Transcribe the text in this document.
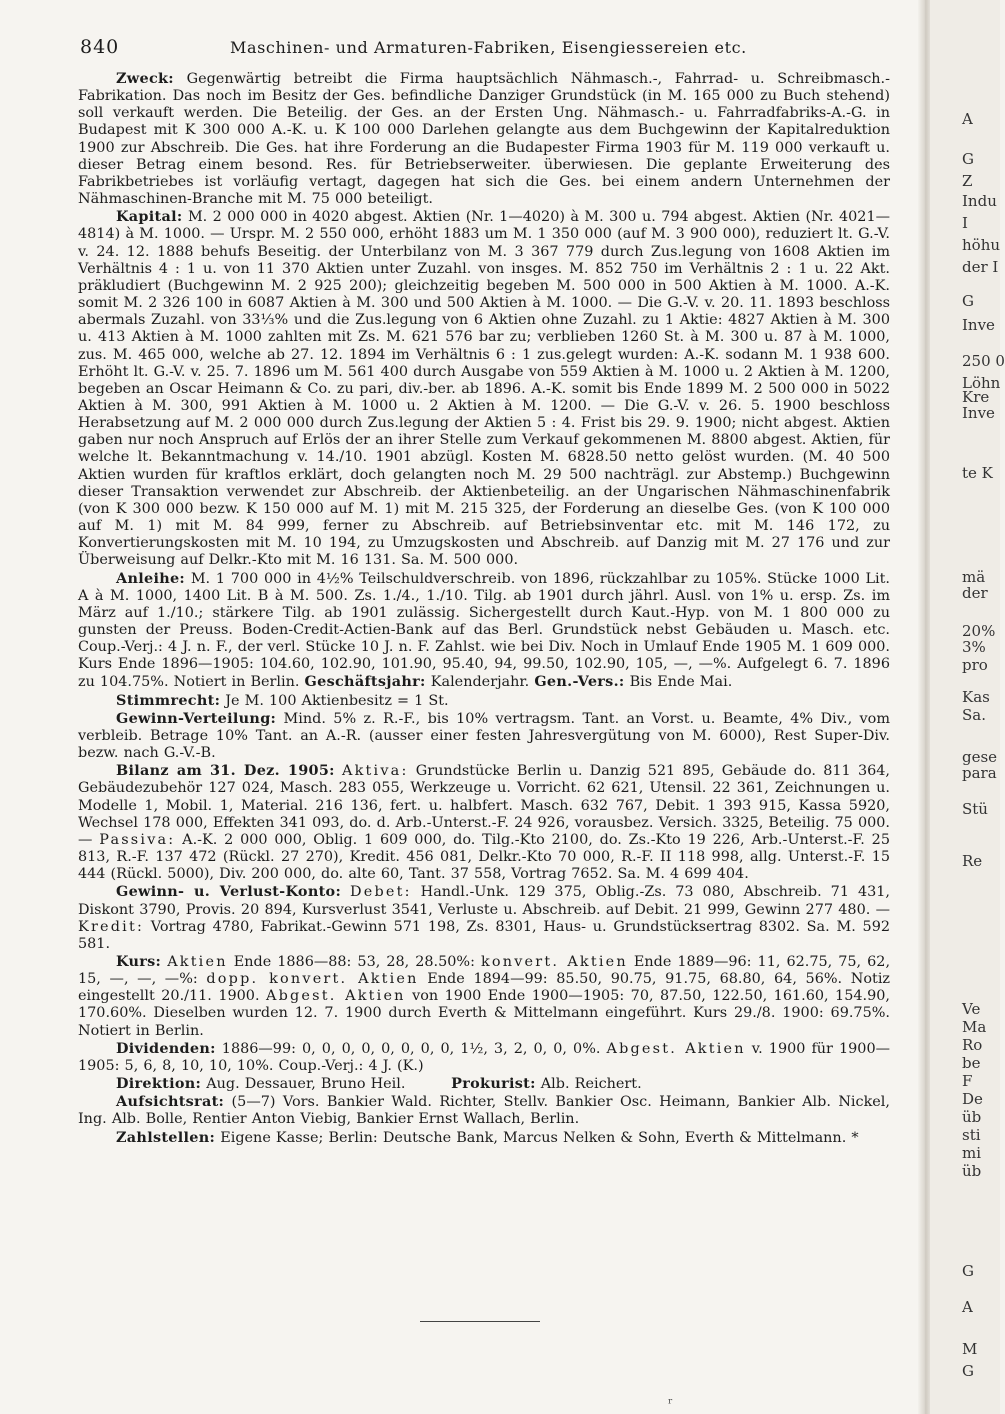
840	Maschinen- und Armaturen-Fabriken, Eisengiessereien etc.

Zweck: Gegenwärtig betreibt die Firma hauptsächlich Nähmasch.-, Fahrrad- u. Schreibmasch.-Fabrikation. Das noch im Besitz der Ges. befindliche Danziger Grundstück (in M. 165 000 zu Buch stehend) soll verkauft werden. Die Beteilig. der Ges. an der Ersten Ung. Nähmasch.- u. Fahrradfabriks-A.-G. in Budapest mit K 300 000 A.-K. u. K 100 000 Darlehen gelangte aus dem Buchgewinn der Kapitalreduktion 1900 zur Abschreib. Die Ges. hat ihre Forderung an die Budapester Firma 1903 für M. 119 000 verkauft u. dieser Betrag einem besond. Res. für Betriebserweiter. überwiesen. Die geplante Erweiterung des Fabrikbetriebes ist vorläufig vertagt, dagegen hat sich die Ges. bei einem andern Unternehmen der Nähmaschinen-Branche mit M. 75 000 beteiligt.

Kapital: M. 2 000 000 in 4020 abgest. Aktien (Nr. 1—4020) à M. 300 u. 794 abgest. Aktien (Nr. 4021—4814) à M. 1000. — Urspr. M. 2 550 000, erhöht 1883 um M. 1 350 000 (auf M. 3 900 000), reduziert lt. G.-V. v. 24. 12. 1888 behufs Beseitig. der Unterbilanz von M. 3 367 779 durch Zus.legung von 1608 Aktien im Verhältnis 4 : 1 u. von 11 370 Aktien unter Zuzahl. von insges. M. 852 750 im Verhältnis 2 : 1 u. 22 Akt. präkludiert (Buchgewinn M. 2 925 200); gleichzeitig begeben M. 500 000 in 500 Aktien à M. 1000. A.-K. somit M. 2 326 100 in 6087 Aktien à M. 300 und 500 Aktien à M. 1000. — Die G.-V. v. 20. 11. 1893 beschloss abermals Zuzahl. von 33⅓% und die Zus.legung von 6 Aktien ohne Zuzahl. zu 1 Aktie: 4827 Aktien à M. 300 u. 413 Aktien à M. 1000 zahlten mit Zs. M. 621 576 bar zu; verblieben 1260 St. à M. 300 u. 87 à M. 1000, zus. M. 465 000, welche ab 27. 12. 1894 im Verhältnis 6 : 1 zus.gelegt wurden: A.-K. sodann M. 1 938 600. Erhöht lt. G.-V. v. 25. 7. 1896 um M. 561 400 durch Ausgabe von 559 Aktien à M. 1000 u. 2 Aktien à M. 1200, begeben an Oscar Heimann & Co. zu pari, div.-ber. ab 1896. A.-K. somit bis Ende 1899 M. 2 500 000 in 5022 Aktien à M. 300, 991 Aktien à M. 1000 u. 2 Aktien à M. 1200. — Die G.-V. v. 26. 5. 1900 beschloss Herabsetzung auf M. 2 000 000 durch Zus.legung der Aktien 5 : 4. Frist bis 29. 9. 1900; nicht abgest. Aktien gaben nur noch Anspruch auf Erlös der an ihrer Stelle zum Verkauf gekommenen M. 8800 abgest. Aktien, für welche lt. Bekanntmachung v. 14./10. 1901 abzügl. Kosten M. 6828.50 netto gelöst wurden. (M. 40 500 Aktien wurden für kraftlos erklärt, doch gelangten noch M. 29 500 nachträgl. zur Abstemp.) Buchgewinn dieser Transaktion verwendet zur Abschreib. der Aktienbeteilig. an der Ungarischen Nähmaschinenfabrik (von K 300 000 bezw. K 150 000 auf M. 1) mit M. 215 325, der Forderung an dieselbe Ges. (von K 100 000 auf M. 1) mit M. 84 999, ferner zu Abschreib. auf Betriebsinventar etc. mit M. 146 172, zu Konvertierungskosten mit M. 10 194, zu Umzugskosten und Abschreib. auf Danzig mit M. 27 176 und zur Überweisung auf Delkr.-Kto mit M. 16 131. Sa. M. 500 000.

Anleihe: M. 1 700 000 in 4½% Teilschuldverschreib. von 1896, rückzahlbar zu 105%. Stücke 1000 Lit. A à M. 1000, 1400 Lit. B à M. 500. Zs. 1./4., 1./10. Tilg. ab 1901 durch jährl. Ausl. von 1% u. ersp. Zs. im März auf 1./10.; stärkere Tilg. ab 1901 zulässig. Sichergestellt durch Kaut.-Hyp. von M. 1 800 000 zu gunsten der Preuss. Boden-Credit-Actien-Bank auf das Berl. Grundstück nebst Gebäuden u. Masch. etc. Coup.-Verj.: 4 J. n. F., der verl. Stücke 10 J. n. F. Zahlst. wie bei Div. Noch in Umlauf Ende 1905 M. 1 609 000. Kurs Ende 1896—1905: 104.60, 102.90, 101.90, 95.40, 94, 99.50, 102.90, 105, —, —%. Aufgelegt 6. 7. 1896 zu 104.75%. Notiert in Berlin. Geschäftsjahr: Kalenderjahr. Gen.-Vers.: Bis Ende Mai.

Stimmrecht: Je M. 100 Aktienbesitz = 1 St.

Gewinn-Verteilung: Mind. 5% z. R.-F., bis 10% vertragsm. Tant. an Vorst. u. Beamte, 4% Div., vom verbleib. Betrage 10% Tant. an A.-R. (ausser einer festen Jahresvergütung von M. 6000), Rest Super-Div. bezw. nach G.-V.-B.

Bilanz am 31. Dez. 1905: Aktiva: Grundstücke Berlin u. Danzig 521 895, Gebäude do. 811 364, Gebäudezubehör 127 024, Masch. 283 055, Werkzeuge u. Vorricht. 62 621, Utensil. 22 361, Zeichnungen u. Modelle 1, Mobil. 1, Material. 216 136, fert. u. halbfert. Masch. 632 767, Debit. 1 393 915, Kassa 5920, Wechsel 178 000, Effekten 341 093, do. d. Arb.-Unterst.-F. 24 926, vorausbez. Versich. 3325, Beteilig. 75 000. — Passiva: A.-K. 2 000 000, Oblig. 1 609 000, do. Tilg.-Kto 2100, do. Zs.-Kto 19 226, Arb.-Unterst.-F. 25 813, R.-F. 137 472 (Rückl. 27 270), Kredit. 456 081, Delkr.-Kto 70 000, R.-F. II 118 998, allg. Unterst.-F. 15 444 (Rückl. 5000), Div. 200 000, do. alte 60, Tant. 37 558, Vortrag 7652. Sa. M. 4 699 404.

Gewinn- u. Verlust-Konto: Debet: Handl.-Unk. 129 375, Oblig.-Zs. 73 080, Abschreib. 71 431, Diskont 3790, Provis. 20 894, Kursverlust 3541, Verluste u. Abschreib. auf Debit. 21 999, Gewinn 277 480. — Kredit: Vortrag 4780, Fabrikat.-Gewinn 571 198, Zs. 8301, Haus- u. Grundstücksertrag 8302. Sa. M. 592 581.

Kurs: Aktien Ende 1886—88: 53, 28, 28.50%: konvert. Aktien Ende 1889—96: 11, 62.75, 75, 62, 15, —, —, —%: dopp. konvert. Aktien Ende 1894—99: 85.50, 90.75, 91.75, 68.80, 64, 56%. Notiz eingestellt 20./11. 1900. Abgest. Aktien von 1900 Ende 1900—1905: 70, 87.50, 122.50, 161.60, 154.90, 170.60%. Dieselben wurden 12. 7. 1900 durch Everth & Mittelmann eingeführt. Kurs 29./8. 1900: 69.75%. Notiert in Berlin.

Dividenden: 1886—99: 0, 0, 0, 0, 0, 0, 0, 0, 1½, 3, 2, 0, 0, 0%. Abgest. Aktien v. 1900 für 1900—1905: 5, 6, 8, 10, 10, 10%. Coup.-Verj.: 4 J. (K.)

Direktion: Aug. Dessauer, Bruno Heil.	Prokurist: Alb. Reichert.

Aufsichtsrat: (5—7) Vors. Bankier Wald. Richter, Stellv. Bankier Osc. Heimann, Bankier Alb. Nickel, Ing. Alb. Bolle, Rentier Anton Viebig, Bankier Ernst Wallach, Berlin.

Zahlstellen: Eigene Kasse; Berlin: Deutsche Bank, Marcus Nelken & Sohn, Everth & Mittelmann. *

ʳ
A
G
Z
Indu
I
höhu
der I
G
Inve
250 0
Löhn
Kre
Inve
te K
mä
der
20%
3%
pro
Kas
Sa.
gese
para
Stü
Re
Ve
Ma
Ro
be
F
De
üb
sti
mi
üb
G
A
M
G
